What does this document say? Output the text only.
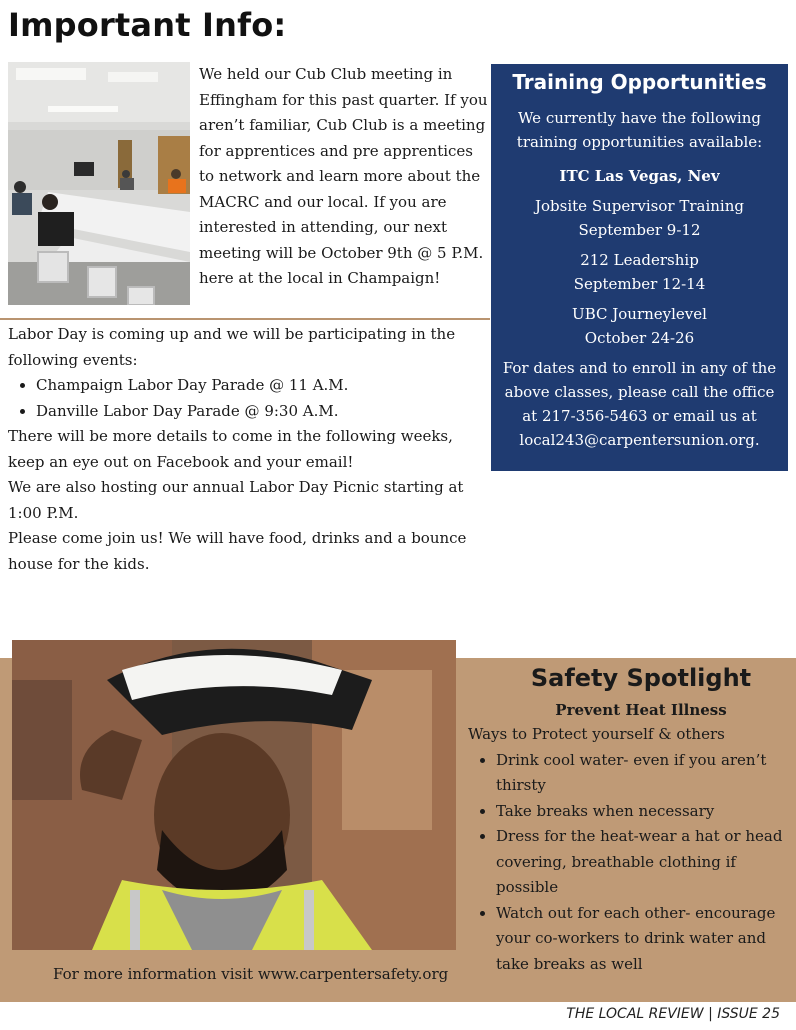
Important Info:

We held our Cub Club meeting in Effingham for this past quarter. If you aren’t familiar, Cub Club is a meeting for apprentices and pre apprentices to network and learn more about the MACRC and our local. If you are interested in attending, our next meeting will be October 9th @ 5 P.M. here at the local in Champaign!

Labor Day is coming up and we will be participating in the following events:

• Champaign Labor Day Parade @ 11 A.M.
• Danville Labor Day Parade @ 9:30 A.M.

There will be more details to come in the following weeks, keep an eye out on Facebook and your email!

We are also hosting our annual Labor Day Picnic starting at 1:00 P.M.

Please come join us! We will have food, drinks and a bounce house for the kids.

Training Opportunities

We currently have the following training opportunities available:

ITC Las Vegas, Nev

Jobsite Supervisor Training
September 9-12

212 Leadership
September 12-14

UBC Journeylevel
October 24-26

For dates and to enroll in any of the above classes, please call the office at 217-356-5463 or email us at local243@carpentersunion.org.

For more information visit www.carpentersafety.org

Safety Spotlight

Prevent Heat Illness

Ways to Protect yourself & others

• Drink cool water- even if you aren’t thirsty
• Take breaks when necessary
• Dress for the heat-wear a hat or head covering, breathable clothing if possible
• Watch out for each other- encourage your co-workers to drink water and take breaks as well

THE LOCAL REVIEW | ISSUE 25
